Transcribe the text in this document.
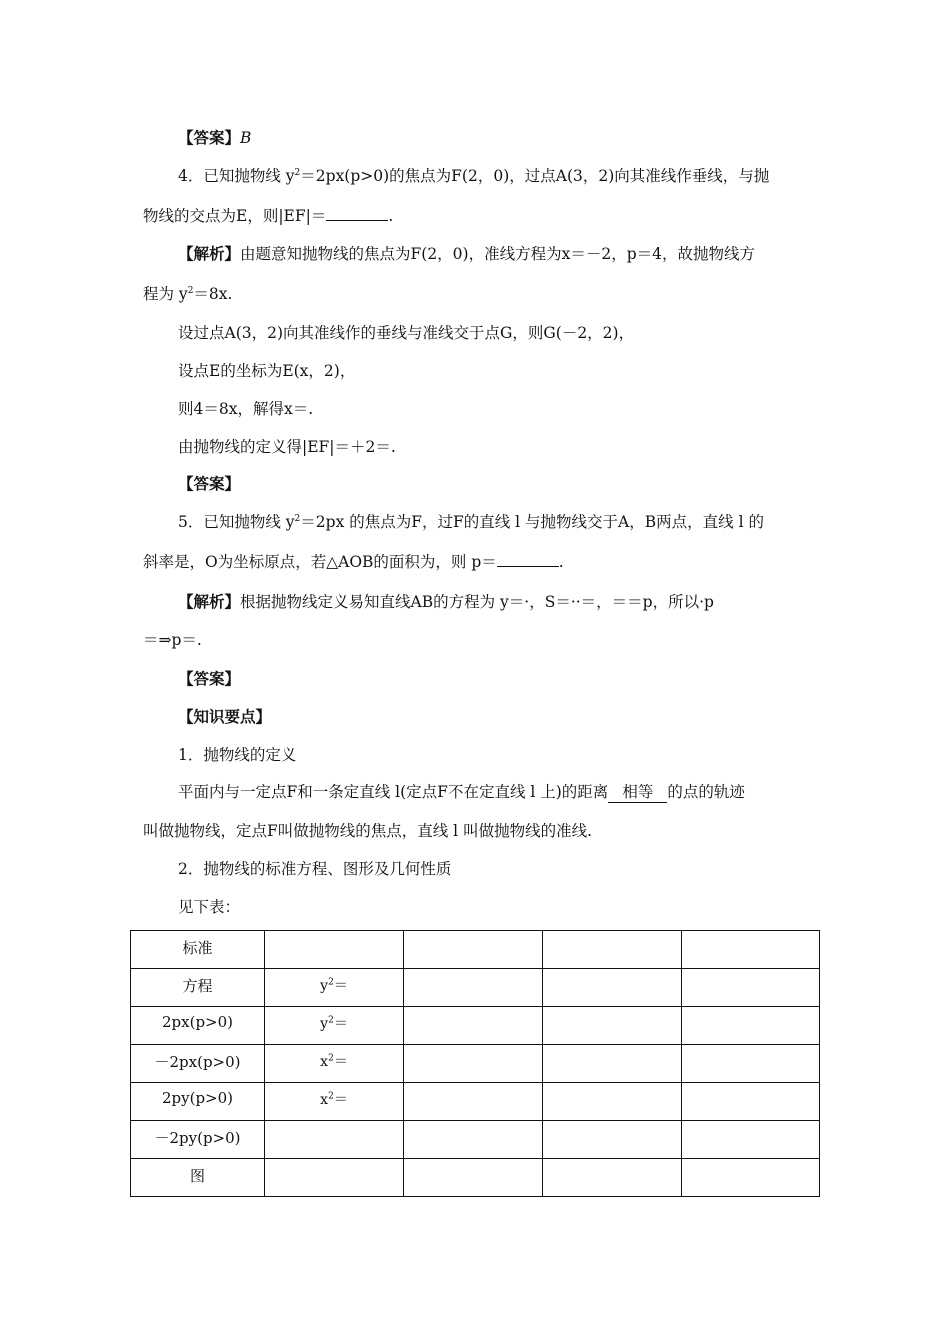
【答案】B
4．已知抛物线 $y^2=2px(p>0)$的焦点为F(2，0)，过点A(3，2)向其准线作垂线，与抛
物线的交点为E，则|EF|＝	.
【解析】由题意知抛物线的焦点为F(2，0)，准线方程为x＝－2，p＝4，故抛物线方
程为 $y^2=8x$.
设过点A(3，2)向其准线作的垂线与准线交于点G，则G(－2，2)，
设点E的坐标为E(x，2)，
则4＝8x，解得x＝.
由抛物线的定义得|EF|＝＋2＝.
【答案】
5．已知抛物线 $y^2=2px$ 的焦点为F，过F的直线 l 与抛物线交于A，B两点，直线 l 的
斜率是，O为坐标原点，若△AOB的面积为，则 p＝	.
【解析】根据抛物线定义易知直线AB的方程为 y＝·，S＝··＝，＝＝p，所以·p
＝⇒p＝.
【答案】
【知识要点】
1．抛物线的定义
平面内与一定点F和一条定直线 l(定点F不在定直线 l 上)的距离 相等 的点的轨迹
叫做抛物线，定点F叫做抛物线的焦点，直线 l 叫做抛物线的准线.
2．抛物线的标准方程、图形及几何性质
见下表：
标准				

方程	$y^2=$			

2px(p>0)	$y^2=$			

－2px(p>0)	$x^2=$			

2py(p>0)	$x^2=$			

－2py(p>0)				

图				
